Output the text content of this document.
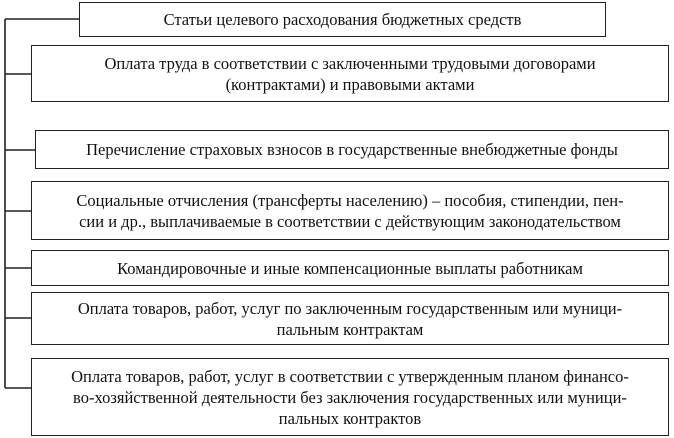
Статьи целевого расходования бюджетных средств
Оплата труда в соответствии с заключенными трудовыми договорами
(контрактами) и правовыми актами
Перечисление страховых взносов в государственные внебюджетные фонды
Социальные отчисления (трансферты населению) – пособия, стипендии, пен-
сии и др., выплачиваемые в соответствии с действующим законодательством
Командировочные и иные компенсационные выплаты работникам
Оплата товаров, работ, услуг по заключенным государственным или муници-
пальным контрактам
Оплата товаров, работ, услуг в соответствии с утвержденным планом финансо-
во-хозяйственной деятельности без заключения государственных или муници-
пальных контрактов
